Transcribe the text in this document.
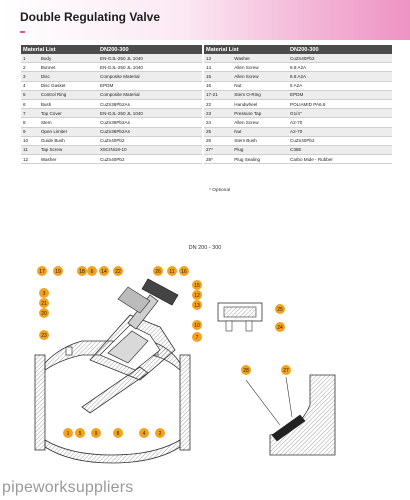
Double Regulating Valve
Material List		DN200-300
1	Body	EN-GJL-250 JL 1040
2	Bonnet	EN-GJL-250 JL 1040
3	Disc	Composite Material
4	Disc Gasket	EPDM
5	Control Ring	Composite Material
6	Bush	CuZn36Pb2As
7	Top Cover	EN-GJL-250 JL 1040
8	Stem	CuZn36Pb2As
9	Open Limiter	CuZn36Pb2As
10	Guide Bush	CuZn40Pb2
11	Tap Screw	X5CrNi18-10
12	Washer	CuZn40Pb2
Material List		DN200-300
13	Washer	CuZn40Pb2
14	Allen Screw	8.8 A2A
15	Allen Screw	8.8 A2A
16	Nut	5 A2A
17-21	Stem O-Ring	EPDM
22	Handwheel	POLIAMID PA6.6
23	Pressure Tap	G1/4"
24	Allen Screw	A2-70
25	Nut	A2-70
26	Stem Bush	CuZn40Pb2
27*	Plug	C35E
28*	Plug Sealing	Carbo Mide - Rubber
* Optional
DN 200 - 300
17 19	18 6 14 22	26 11 16
15
3
21
20
23
12
13
10
7
1 5	9	8	4	2
25
24
28	27
pipeworksuppliers
